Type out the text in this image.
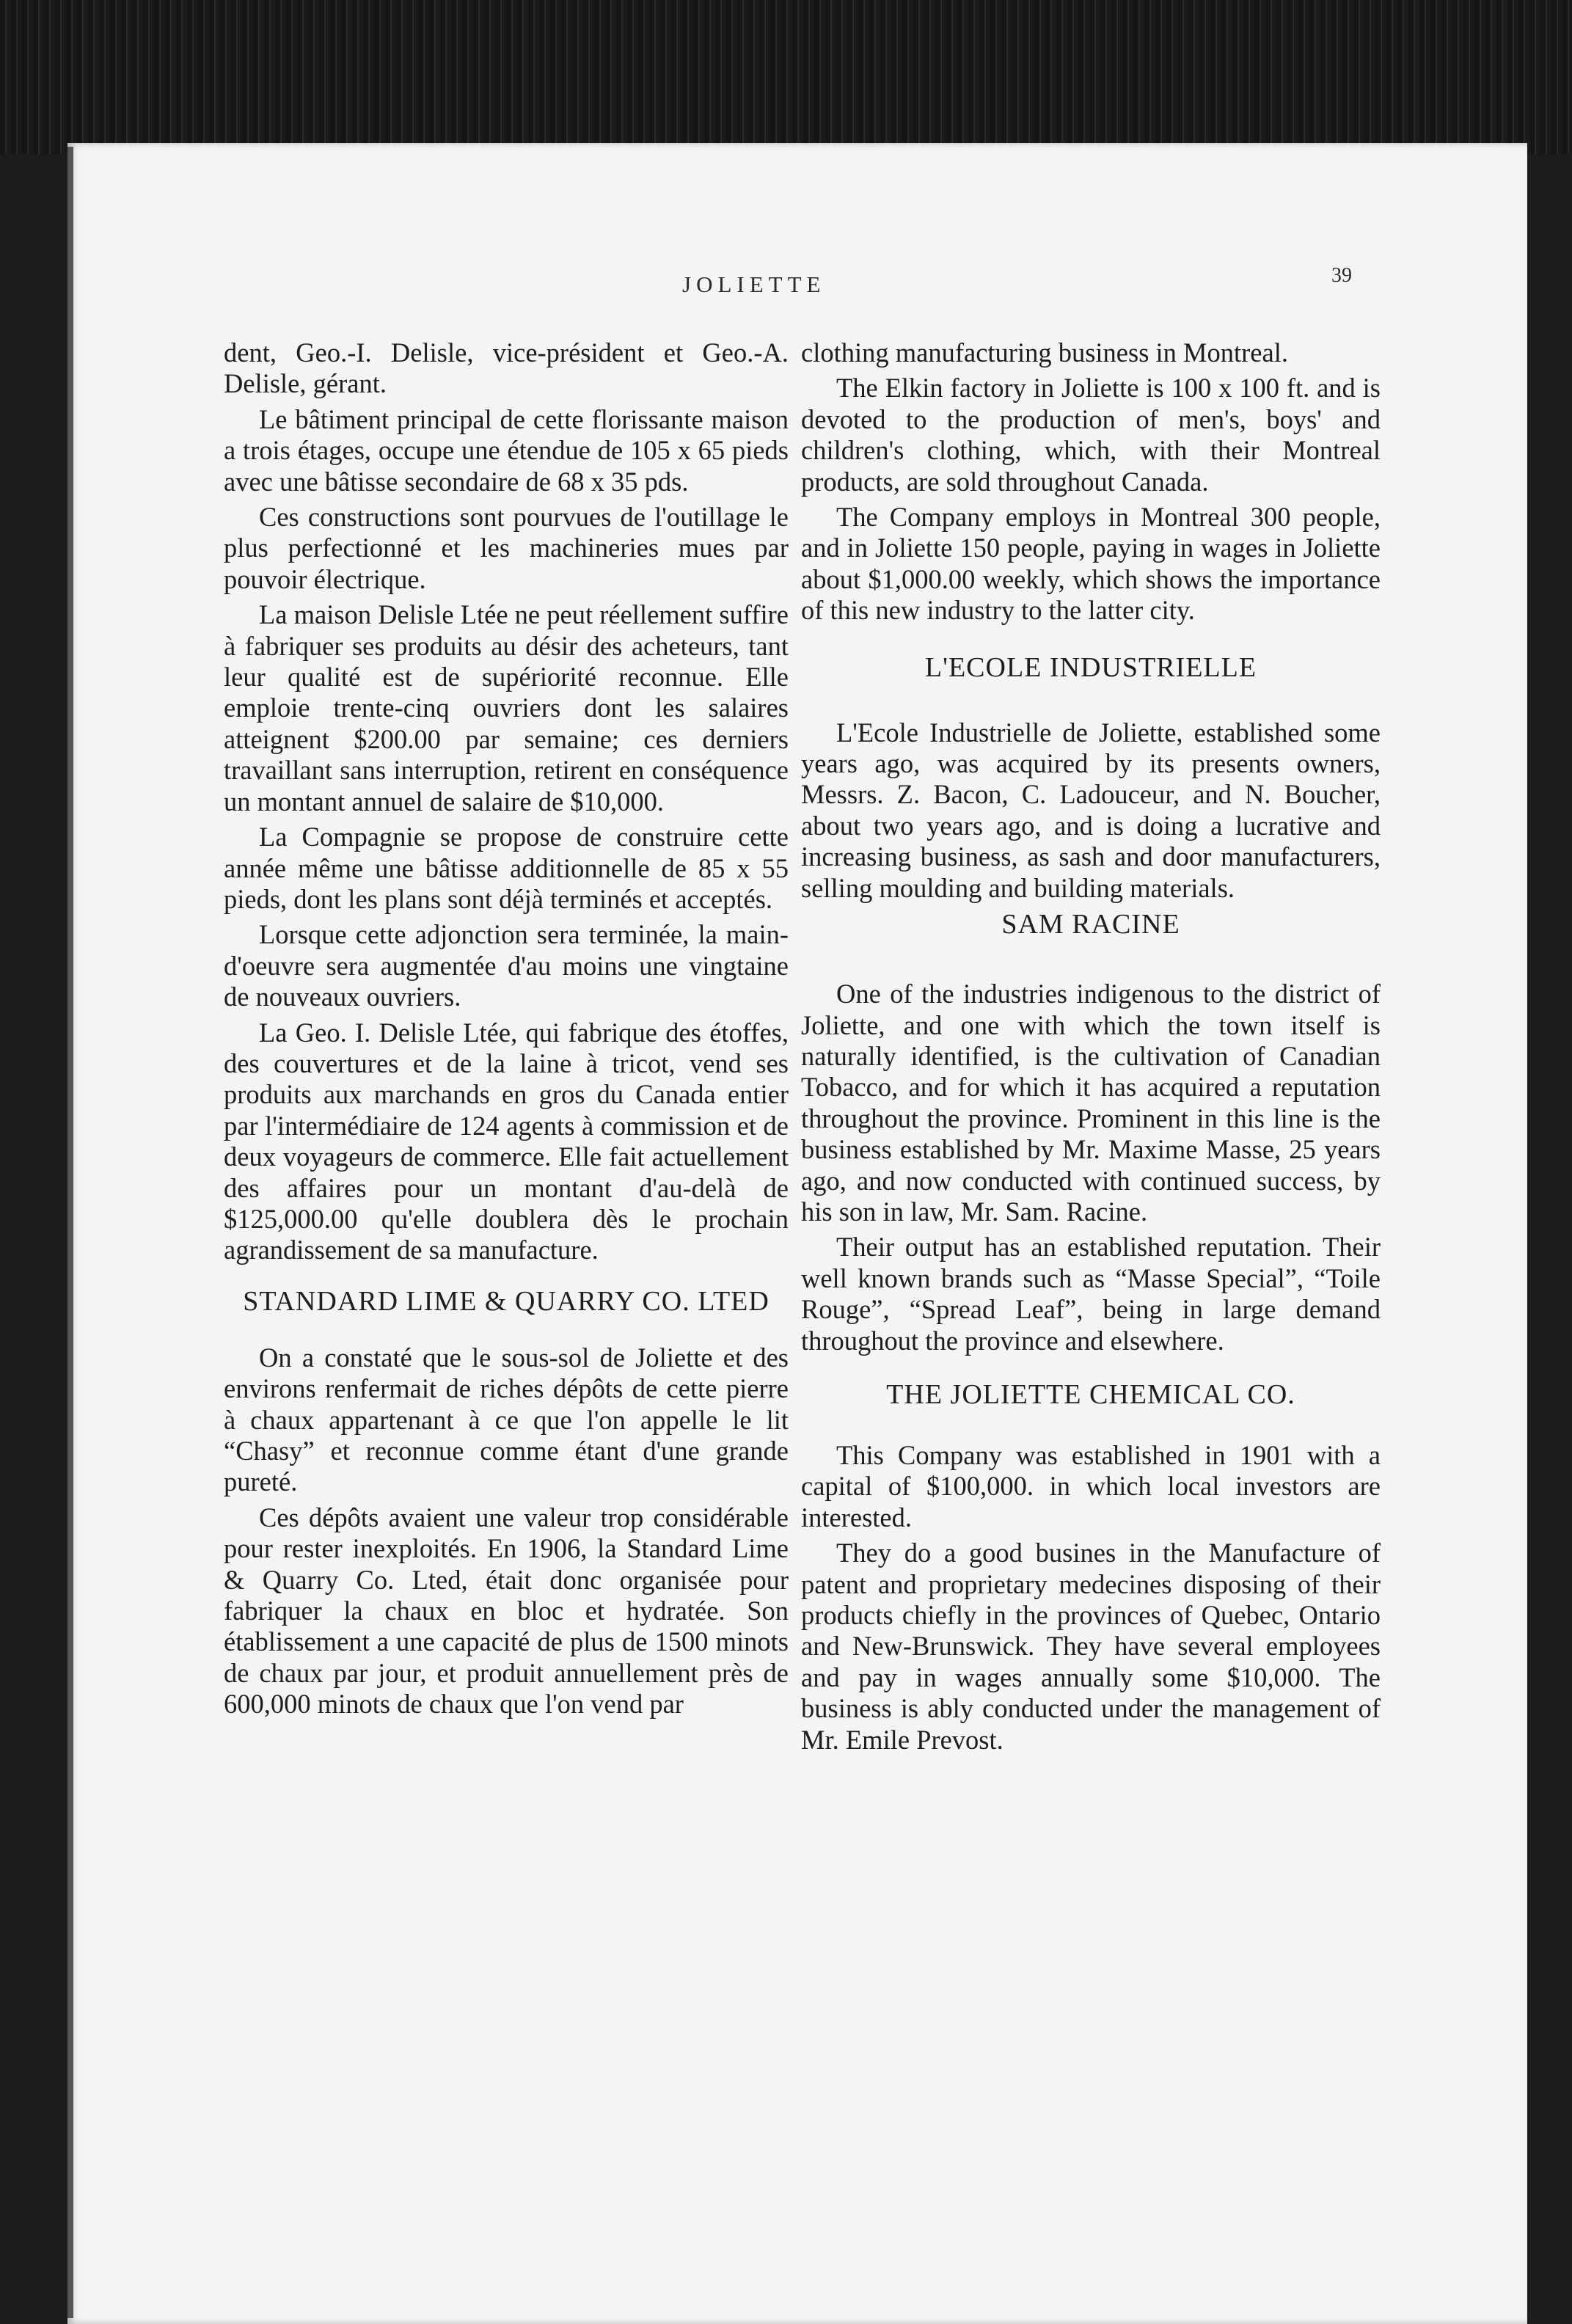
JOLIETTE	39

dent, Geo.-I. Delisle, vice-président et Geo.-A. Delisle, gérant.

Le bâtiment principal de cette florissante maison a trois étages, occupe une étendue de 105 x 65 pieds avec une bâtisse secondaire de 68 x 35 pds.

Ces constructions sont pourvues de l'outillage le plus perfectionné et les machineries mues par pouvoir électrique.

La maison Delisle Ltée ne peut réellement suffire à fabriquer ses produits au désir des acheteurs, tant leur qualité est de supériorité reconnue. Elle emploie trente-cinq ouvriers dont les salaires atteignent $200.00 par semaine; ces derniers travaillant sans interruption, retirent en conséquence un montant annuel de salaire de $10,000.

La Compagnie se propose de construire cette année même une bâtisse additionnelle de 85 x 55 pieds, dont les plans sont déjà terminés et acceptés.

Lorsque cette adjonction sera terminée, la main-d'oeuvre sera augmentée d'au moins une vingtaine de nouveaux ouvriers.

La Geo. I. Delisle Ltée, qui fabrique des étoffes, des couvertures et de la laine à tricot, vend ses produits aux marchands en gros du Canada entier par l'intermédiaire de 124 agents à commission et de deux voyageurs de commerce. Elle fait actuellement des affaires pour un montant d'au-delà de $125,000.00 qu'elle doublera dès le prochain agrandissement de sa manufacture.

STANDARD LIME & QUARRY CO. LTED

On a constaté que le sous-sol de Joliette et des environs renfermait de riches dépôts de cette pierre à chaux appartenant à ce que l'on appelle le lit “Chasy” et reconnue comme étant d'une grande pureté.

Ces dépôts avaient une valeur trop considérable pour rester inexploités. En 1906, la Standard Lime & Quarry Co. Lted, était donc organisée pour fabriquer la chaux en bloc et hydratée. Son établissement a une capacité de plus de 1500 minots de chaux par jour, et produit annuellement près de 600,000 minots de chaux que l'on vend par

clothing manufacturing business in Montreal.

The Elkin factory in Joliette is 100 x 100 ft. and is devoted to the production of men's, boys' and children's clothing, which, with their Montreal products, are sold throughout Canada.

The Company employs in Montreal 300 people, and in Joliette 150 people, paying in wages in Joliette about $1,000.00 weekly, which shows the importance of this new industry to the latter city.

L'ECOLE INDUSTRIELLE

L'Ecole Industrielle de Joliette, established some years ago, was acquired by its presents owners, Messrs. Z. Bacon, C. Ladouceur, and N. Boucher, about two years ago, and is doing a lucrative and increasing business, as sash and door manufacturers, selling moulding and building materials.

SAM RACINE

One of the industries indigenous to the district of Joliette, and one with which the town itself is naturally identified, is the cultivation of Canadian Tobacco, and for which it has acquired a reputation throughout the province. Prominent in this line is the business established by Mr. Maxime Masse, 25 years ago, and now conducted with continued success, by his son in law, Mr. Sam. Racine.

Their output has an established reputation. Their well known brands such as “Masse Special”, “Toile Rouge”, “Spread Leaf”, being in large demand throughout the province and elsewhere.

THE JOLIETTE CHEMICAL CO.

This Company was established in 1901 with a capital of $100,000. in which local investors are interested.

They do a good busines in the Manufacture of patent and proprietary medecines disposing of their products chiefly in the provinces of Quebec, Ontario and New-Brunswick. They have several employees and pay in wages annually some $10,000. The business is ably conducted under the management of Mr. Emile Prevost.
